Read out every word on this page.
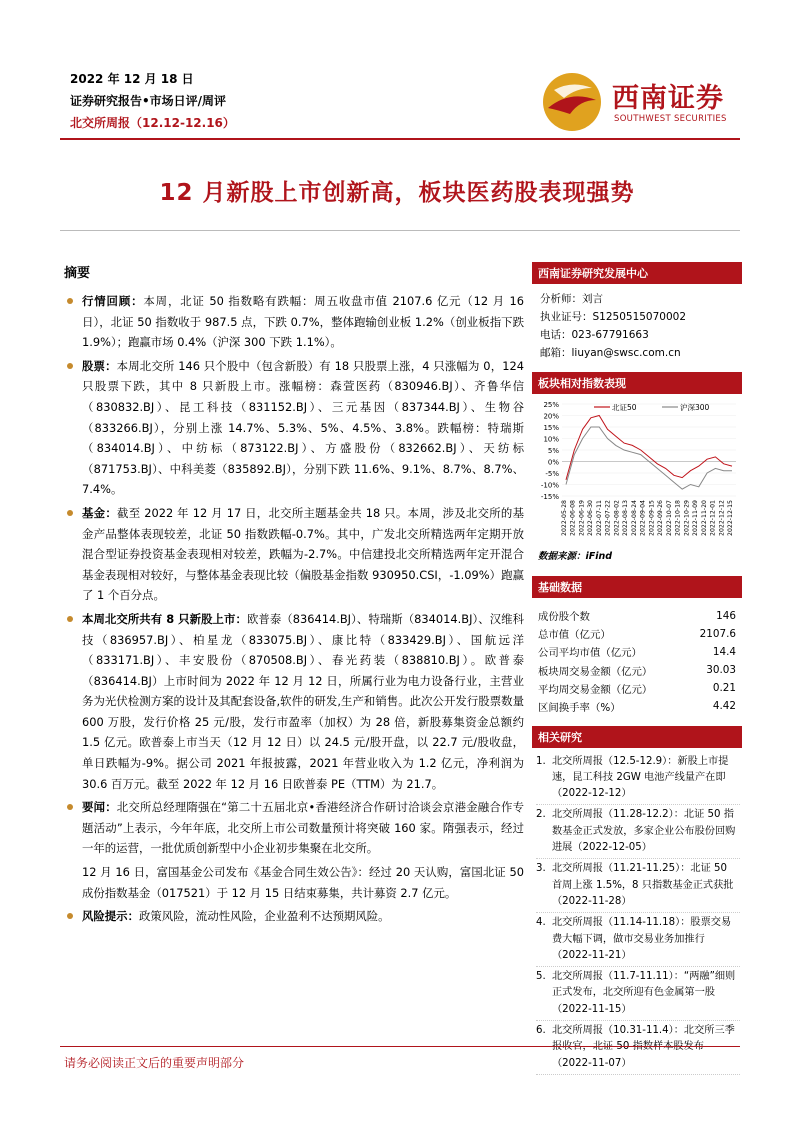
2022 年 12 月 18 日
证券研究报告•市场日评/周评
北交所周报（12.12-12.16）
西南证券
SOUTHWEST SECURITIES
12 月新股上市创新高，板块医药股表现强势
摘要
行情回顾：本周，北证 50 指数略有跌幅：周五收盘市值 2107.6 亿元（12 月 16 日），北证 50 指数收于 987.5 点，下跌 0.7%，整体跑输创业板 1.2%（创业板指下跌 1.9%）；跑赢市场 0.4%（沪深 300 下跌 1.1%）。
股票：本周北交所 146 只个股中（包含新股）有 18 只股票上涨，4 只涨幅为 0，124 只股票下跌，其中 8 只新股上市。涨幅榜：森萱医药（830946.BJ）、齐鲁华信（830832.BJ）、昆工科技（831152.BJ）、三元基因（837344.BJ）、生物谷（833266.BJ），分别上涨 14.7%、5.3%、5%、4.5%、3.8%。跌幅榜：特瑞斯（834014.BJ）、中纺标（873122.BJ）、方盛股份（832662.BJ）、天纺标（871753.BJ）、中科美菱（835892.BJ），分别下跌 11.6%、9.1%、8.7%、8.7%、7.4%。
基金：截至 2022 年 12 月 17 日，北交所主题基金共 18 只。本周，涉及北交所的基金产品整体表现较差，北证 50 指数跌幅-0.7%。其中，广发北交所精选两年定期开放混合型证券投资基金表现相对较差，跌幅为-2.7%。中信建投北交所精选两年定开混合基金表现相对较好，与整体基金表现比较（偏股基金指数 930950.CSI，-1.09%）跑赢了 1 个百分点。
本周北交所共有 8 只新股上市：欧普泰（836414.BJ）、特瑞斯（834014.BJ）、汉维科技（836957.BJ）、柏星龙（833075.BJ）、康比特（833429.BJ）、国航远洋（833171.BJ）、丰安股份（870508.BJ）、春光药装（838810.BJ）。欧普泰（836414.BJ）上市时间为 2022 年 12 月 12 日，所属行业为电力设备行业，主营业务为光伏检测方案的设计及其配套设备,软件的研发,生产和销售。此次公开发行股票数量 600 万股，发行价格 25 元/股，发行市盈率（加权）为 28 倍，新股募集资金总额约 1.5 亿元。欧普泰上市当天（12 月 12 日）以 24.5 元/股开盘，以 22.7 元/股收盘，单日跌幅为-9%。据公司 2021 年报披露，2021 年营业收入为 1.2 亿元，净利润为 30.6 百万元。截至 2022 年 12 月 16 日欧普泰 PE（TTM）为 21.7。
要闻：北交所总经理隋强在“第二十五届北京•香港经济合作研讨洽谈会京港金融合作专题活动”上表示，今年年底，北交所上市公司数量预计将突破 160 家。隋强表示，经过一年的运营，一批优质创新型中小企业初步集聚在北交所。
12 月 16 日，富国基金公司发布《基金合同生效公告》：经过 20 天认购，富国北证 50 成份指数基金（017521）于 12 月 15 日结束募集，共计募资 2.7 亿元。
风险提示：政策风险，流动性风险，企业盈利不达预期风险。
西南证券研究发展中心
分析师：刘言
执业证号：S1250515070002
电话：023-67791663
邮箱：liuyan@swsc.com.cn
板块相对指数表现
25%
20%
15%
10%
5%
0%
-5%
-10%
-15%
2022-05-28 2022-06-08 2022-06-19 2022-06-30 2022-07-11 2022-07-22 2022-08-02 2022-08-13 2022-08-24 2022-09-04 2022-09-15 2022-09-26 2022-10-07 2022-10-18 2022-10-29 2022-11-09 2022-11-20 2022-12-01 2022-12-12 2022-12-15
北证50	沪深300
数据来源：iFind
基础数据
成份股个数	146
总市值（亿元）	2107.6
公司平均市值（亿元）	14.4
板块周交易金额（亿元）	30.03
平均周交易金额（亿元）	0.21
区间换手率（%）	4.42
相关研究
1. 北交所周报（12.5-12.9）：新股上市提速，昆工科技 2GW 电池产线量产在即（2022-12-12）
2. 北交所周报（11.28-12.2）：北证 50 指数基金正式发放，多家企业公布股份回购进展（2022-12-05）
3. 北交所周报（11.21-11.25）：北证 50 首周上涨 1.5%，8 只指数基金正式获批（2022-11-28）
4. 北交所周报（11.14-11.18）：股票交易费大幅下调，做市交易业务加推行（2022-11-21）
5. 北交所周报（11.7-11.11）：“两融”细则正式发布，北交所迎有色金属第一股（2022-11-15）
6. 北交所周报（10.31-11.4）：北交所三季 （2022-11-07）
请务必阅读正文后的重要声明部分
